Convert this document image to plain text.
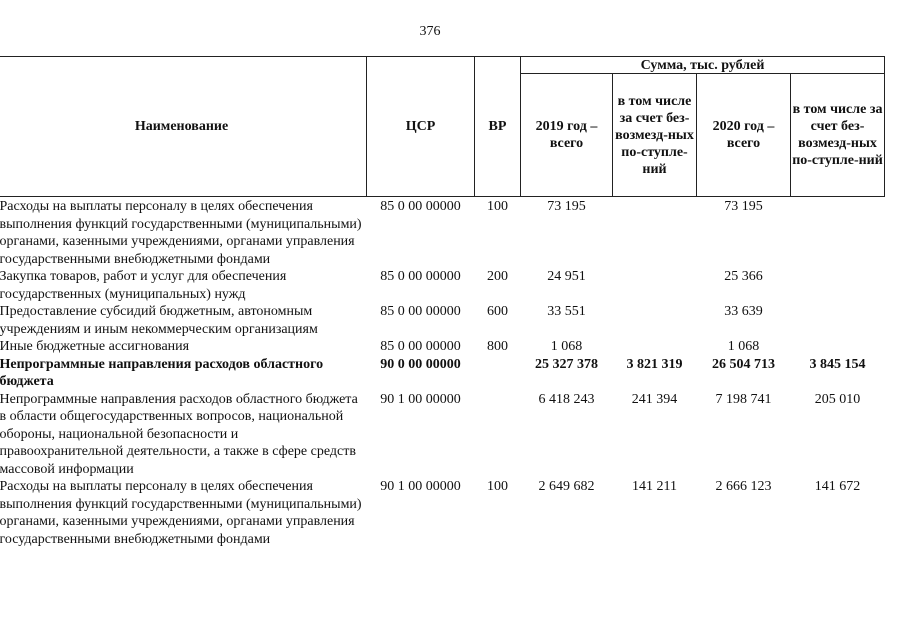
376
Наименование	ЦСР	ВР	Сумма, тыс. рублей			
			2019 год – всего	в том числе за счет без-возмезд-ных по-ступле-ний	2020 год – всего	в том числе за счет без-возмезд-ных по-ступле-ний
Расходы на выплаты персоналу в целях обеспечения выполнения функций государственными (муниципальными) органами, казенными учреждениями, органами управления государственными внебюджетными фондами	85 0 00 00000	100	73 195		73 195	
Закупка товаров, работ и услуг для обеспечения государственных (муниципальных) нужд	85 0 00 00000	200	24 951		25 366	
Предоставление субсидий бюджетным, автономным учреждениям и иным некоммерческим организациям	85 0 00 00000	600	33 551		33 639	
Иные бюджетные ассигнования	85 0 00 00000	800	1 068		1 068	
Непрограммные направления расходов областного бюджета	90 0 00 00000		25 327 378	3 821 319	26 504 713	3 845 154
Непрограммные направления расходов областного бюджета в области общегосударственных вопросов, национальной обороны, национальной безопасности и правоохранительной деятельности, а также в сфере средств массовой информации	90 1 00 00000		6 418 243	241 394	7 198 741	205 010
Расходы на выплаты персоналу в целях обеспечения выполнения функций государственными (муниципальными) органами, казенными учреждениями, органами управления государственными внебюджетными фондами	90 1 00 00000	100	2 649 682	141 211	2 666 123	141 672
